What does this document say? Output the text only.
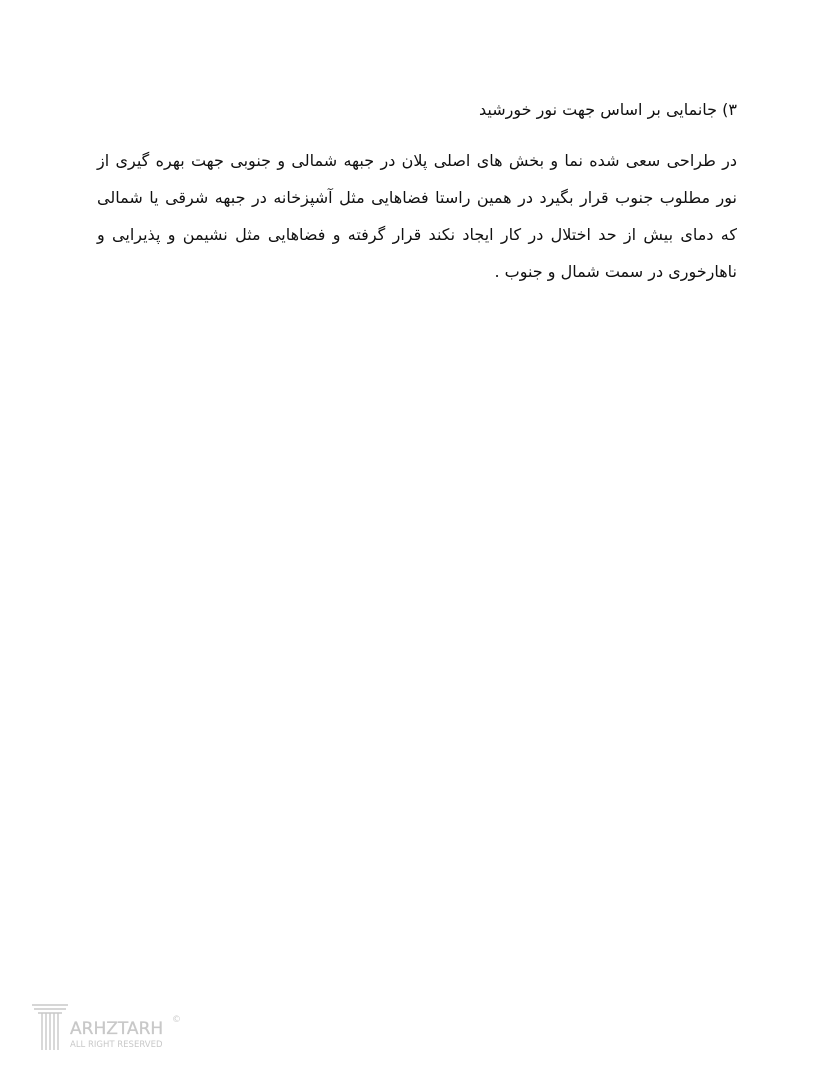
۳) جانمایی بر اساس جهت نور خورشید

در طراحی سعی شده نما و بخش های اصلی پلان در جبهه شمالی و جنوبی جهت بهره گیری از
نور مطلوب جنوب قرار بگیرد در همین راستا فضاهایی مثل آشپزخانه در جبهه شرقی یا شمالی
که دمای بیش از حد اختلال در کار ایجاد نکند قرار گرفته و فضاهایی مثل نشیمن و پذیرایی و
ناهارخوری در سمت شمال و جنوب .

ARHZTARH
ALL RIGHT RESERVED
©
